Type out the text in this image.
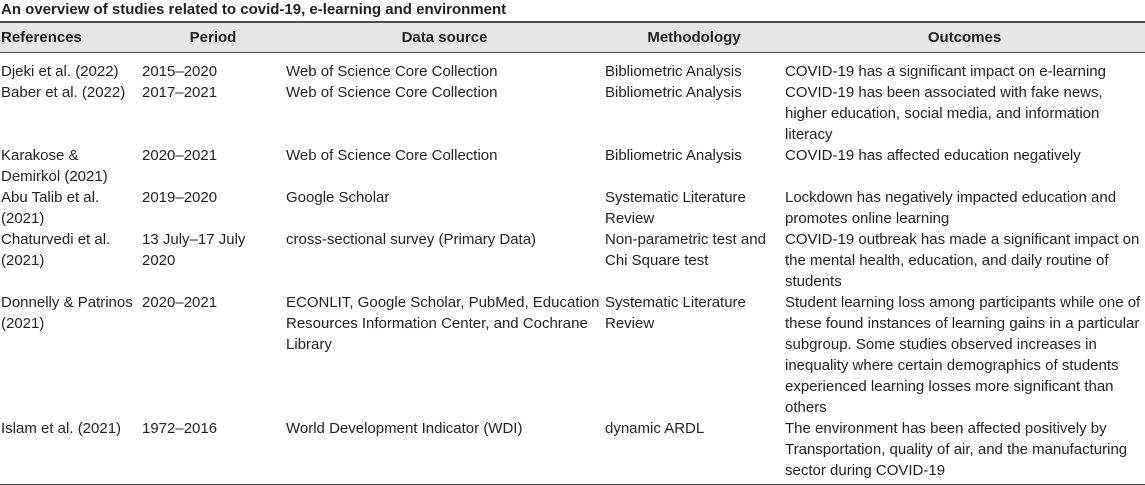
An overview of studies related to covid-19, e-learning and environment
References	Period	Data source	Methodology	Outcomes
Djeki et al. (2022)	2015–2020	Web of Science Core Collection	Bibliometric Analysis	COVID-19 has a significant impact on e-learning
Baber et al. (2022)	2017–2021	Web of Science Core Collection	Bibliometric Analysis	COVID-19 has been associated with fake news, higher education, social media, and information literacy
Karakose & Demirkol (2021)	2020–2021	Web of Science Core Collection	Bibliometric Analysis	COVID-19 has affected education negatively
Abu Talib et al. (2021)	2019–2020	Google Scholar	Systematic Literature Review	Lockdown has negatively impacted education and promotes online learning
Chaturvedi et al. (2021)	13 July–17 July 2020	cross-sectional survey (Primary Data)	Non-parametric test and Chi Square test	COVID-19 outbreak has made a significant impact on the mental health, education, and daily routine of students
Donnelly & Patrinos (2021)	2020–2021	ECONLIT, Google Scholar, PubMed, Education Resources Information Center, and Cochrane Library	Systematic Literature Review	Student learning loss among participants while one of these found instances of learning gains in a particular subgroup. Some studies observed increases in inequality where certain demographics of students experienced learning losses more significant than others
Islam et al. (2021)	1972–2016	World Development Indicator (WDI)	dynamic ARDL	The environment has been affected positively by Transportation, quality of air, and the manufacturing sector during COVID-19
